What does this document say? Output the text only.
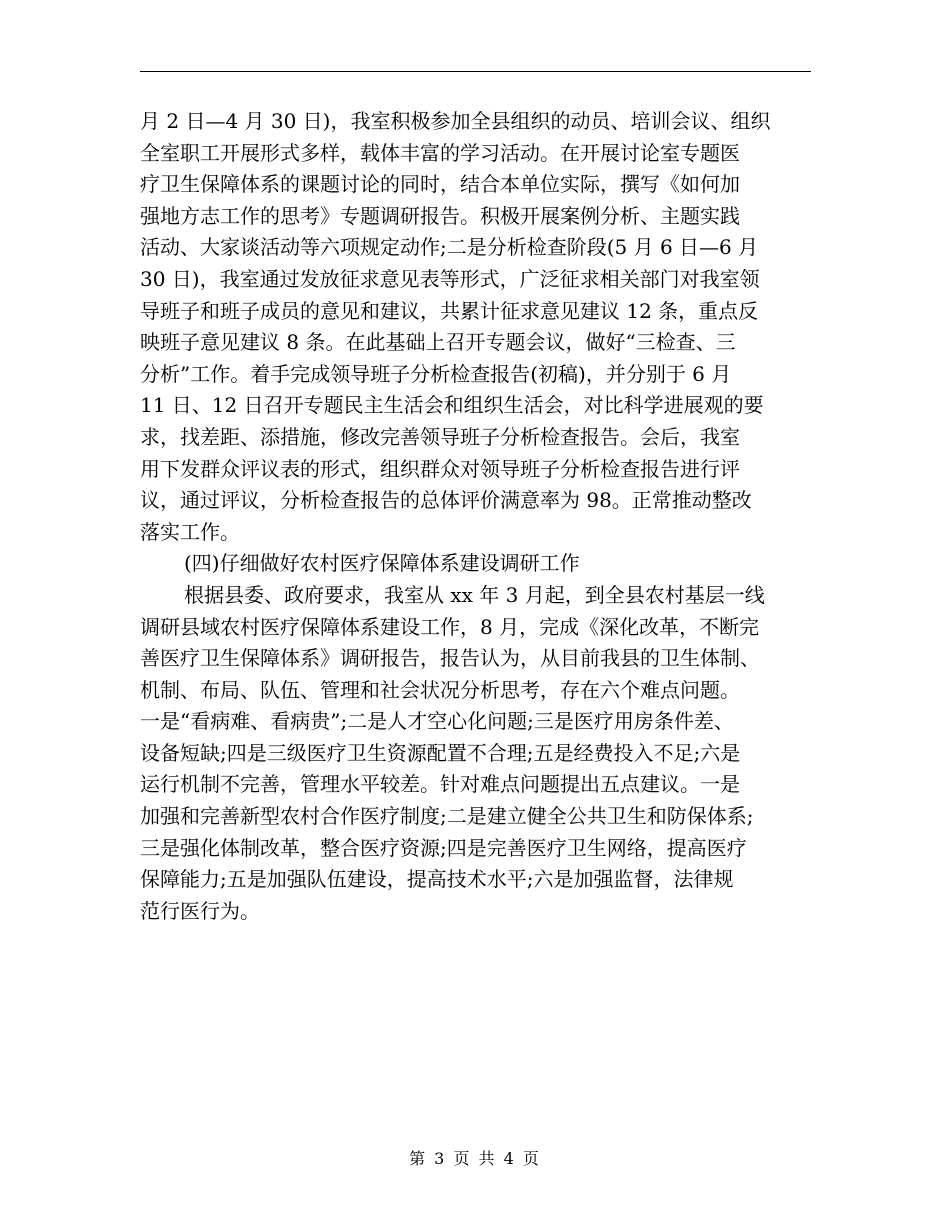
月 2 日—4 月 30 日)，我室积极参加全县组织的动员、培训会议、组织
全室职工开展形式多样，载体丰富的学习活动。在开展讨论室专题医
疗卫生保障体系的课题讨论的同时，结合本单位实际，撰写《如何加
强地方志工作的思考》专题调研报告。积极开展案例分析、主题实践
活动、大家谈活动等六项规定动作;二是分析检查阶段(5 月 6 日—6 月
30 日)，我室通过发放征求意见表等形式，广泛征求相关部门对我室领
导班子和班子成员的意见和建议，共累计征求意见建议 12 条，重点反
映班子意见建议 8 条。在此基础上召开专题会议，做好“三检查、三
分析”工作。着手完成领导班子分析检查报告(初稿)，并分别于 6 月
11 日、12 日召开专题民主生活会和组织生活会，对比科学进展观的要
求，找差距、添措施，修改完善领导班子分析检查报告。会后，我室
用下发群众评议表的形式，组织群众对领导班子分析检查报告进行评
议，通过评议，分析检查报告的总体评价满意率为 98。正常推动整改
落实工作。
(四)仔细做好农村医疗保障体系建设调研工作
根据县委、政府要求，我室从 xx 年 3 月起，到全县农村基层一线
调研县域农村医疗保障体系建设工作，8 月，完成《深化改革，不断完
善医疗卫生保障体系》调研报告，报告认为，从目前我县的卫生体制、
机制、布局、队伍、管理和社会状况分析思考，存在六个难点问题。
一是“看病难、看病贵”;二是人才空心化问题;三是医疗用房条件差、
设备短缺;四是三级医疗卫生资源配置不合理;五是经费投入不足;六是
运行机制不完善，管理水平较差。针对难点问题提出五点建议。一是
加强和完善新型农村合作医疗制度;二是建立健全公共卫生和防保体系;
三是强化体制改革，整合医疗资源;四是完善医疗卫生网络，提高医疗
保障能力;五是加强队伍建设，提高技术水平;六是加强监督，法律规
范行医行为。
第 3 页 共 4 页
